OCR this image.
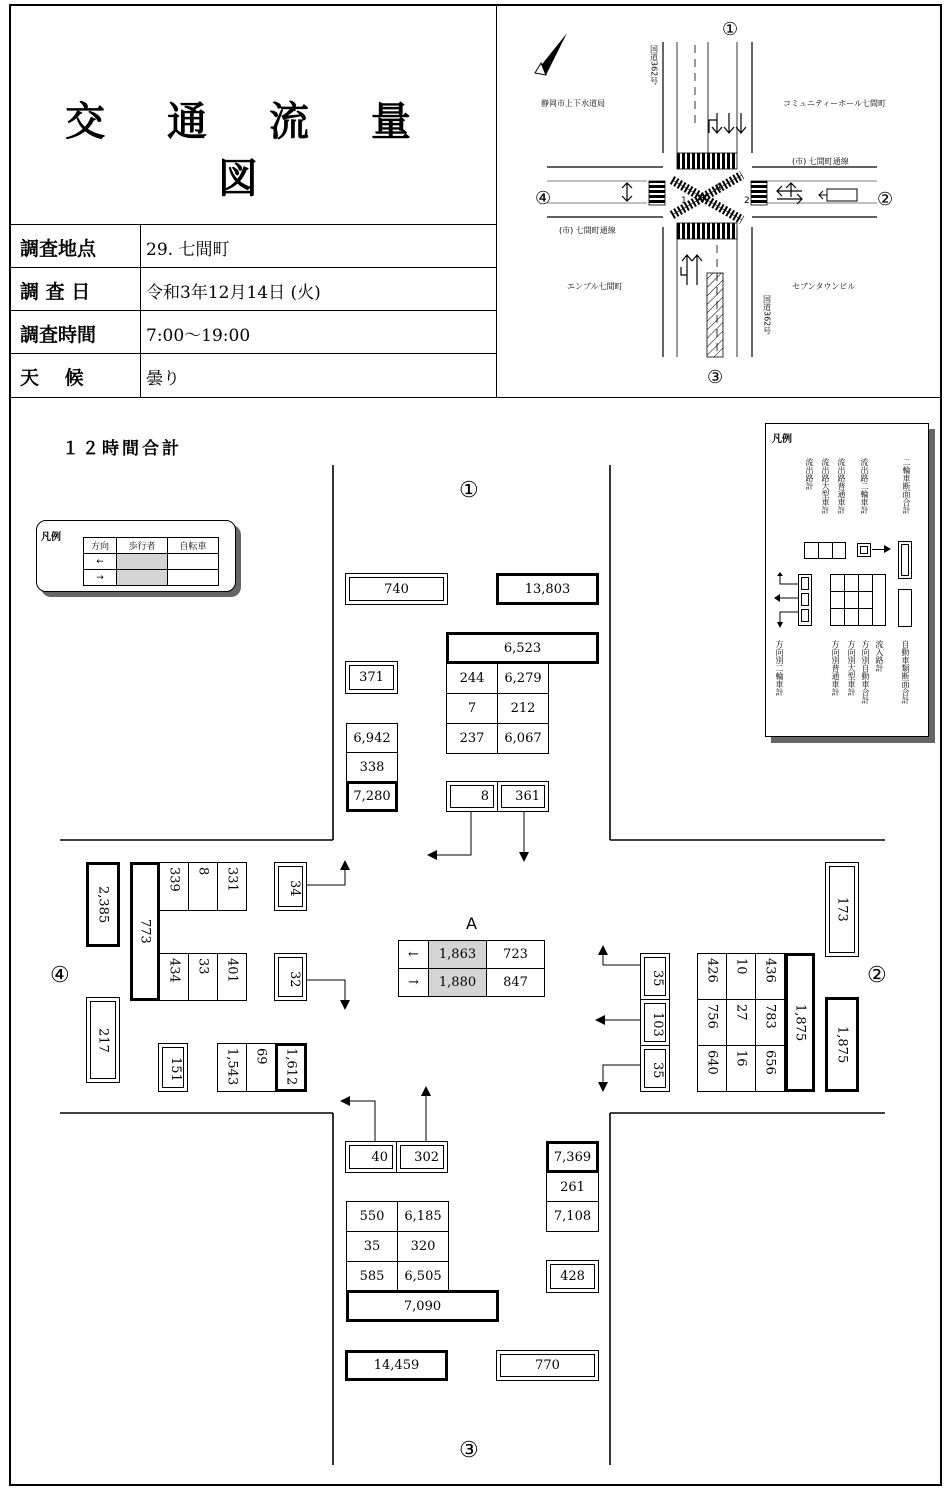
交 通 流 量 図
調査地点	29. 七間町
調 査 日	令和3年12月14日 (火)
調査時間	7:00～19:00
天　 候	曇り
①
②
③
④	A
1	2
国道362号
国道362号
静岡市上下水道局	コミュニティーホール七間町
エンブル七間町	セブンタウンビル
(市) 七間町通線
(市) 七間町通線
１２時間合計
①
②
③
④
凡例
方向	歩行者	自転車
←		
→		
凡例
流出路計 流出路大型車計 流出路普通車計 流出路二輪車計	二輪車断面合計
方向別二輪車計	方向別普通車計 方向別大型車計 方向別自動車合計 流入路計 自動車類断面合計
A
←	1,863	723
→	1,880	847
740	13,803
6,523
371	244	6,279
7	212
237	6,067
6,942
338
7,280	8	361
40	302	7,369
261
7,108
550	6,185
35	320
585	6,505	428
7,090
14,459	770
2,385
773
339 8 331
434 33 401
34
32
217
151	1,543 69 1,612
173
35
103
35
426 10 436
756 27 783
640 16 656
1,875
1,875
